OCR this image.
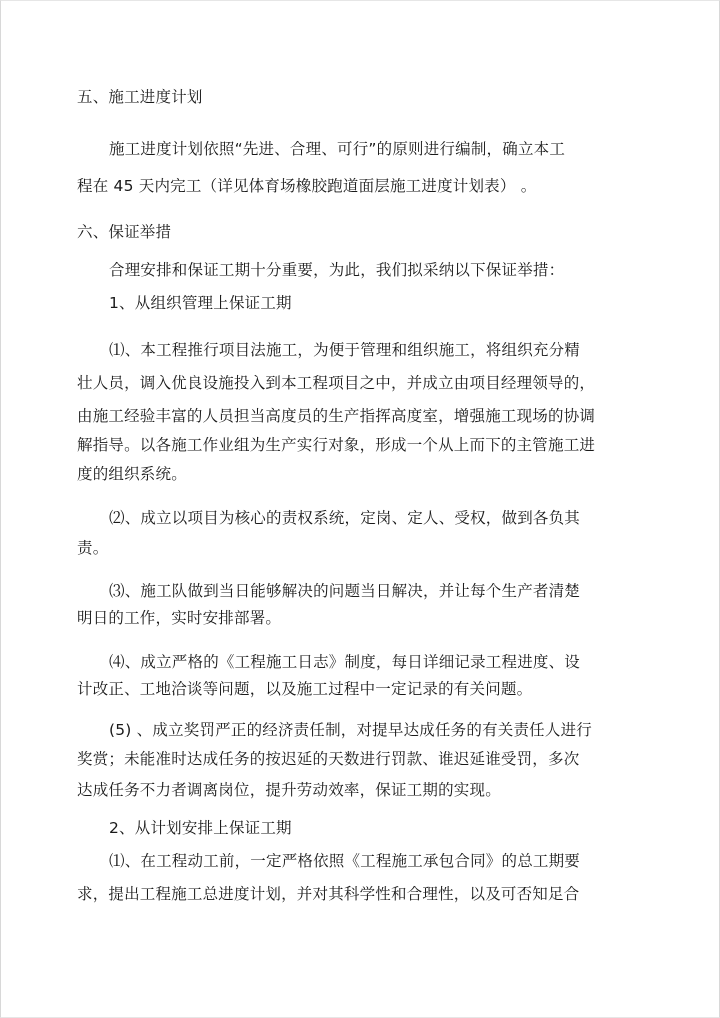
五、施工进度计划
施工进度计划依照“先进、合理、可行”的原则进行编制，确立本工
程在 45 天内完工（详见体育场橡胶跑道面层施工进度计划表） 。
六、保证举措
合理安排和保证工期十分重要，为此，我们拟采纳以下保证举措：
1、从组织管理上保证工期
⑴、本工程推行项目法施工，为便于管理和组织施工，将组织充分精
壮人员，调入优良设施投入到本工程项目之中，并成立由项目经理领导的，
由施工经验丰富的人员担当高度员的生产指挥高度室，增强施工现场的协调
解指导。以各施工作业组为生产实行对象，形成一个从上而下的主管施工进
度的组织系统。
⑵、成立以项目为核心的责权系统，定岗、定人、受权，做到各负其
责。
⑶、施工队做到当日能够解决的问题当日解决，并让每个生产者清楚
明日的工作，实时安排部署。
⑷、成立严格的《工程施工日志》制度，每日详细记录工程进度、设
计改正、工地洽谈等问题，以及施工过程中一定记录的有关问题。
(5) 、成立奖罚严正的经济责任制，对提早达成任务的有关责任人进行
奖赏；未能准时达成任务的按迟延的天数进行罚款、谁迟延谁受罚，多次
达成任务不力者调离岗位，提升劳动效率，保证工期的实现。
2、从计划安排上保证工期
⑴、在工程动工前，一定严格依照《工程施工承包合同》的总工期要
求，提出工程施工总进度计划，并对其科学性和合理性，以及可否知足合
